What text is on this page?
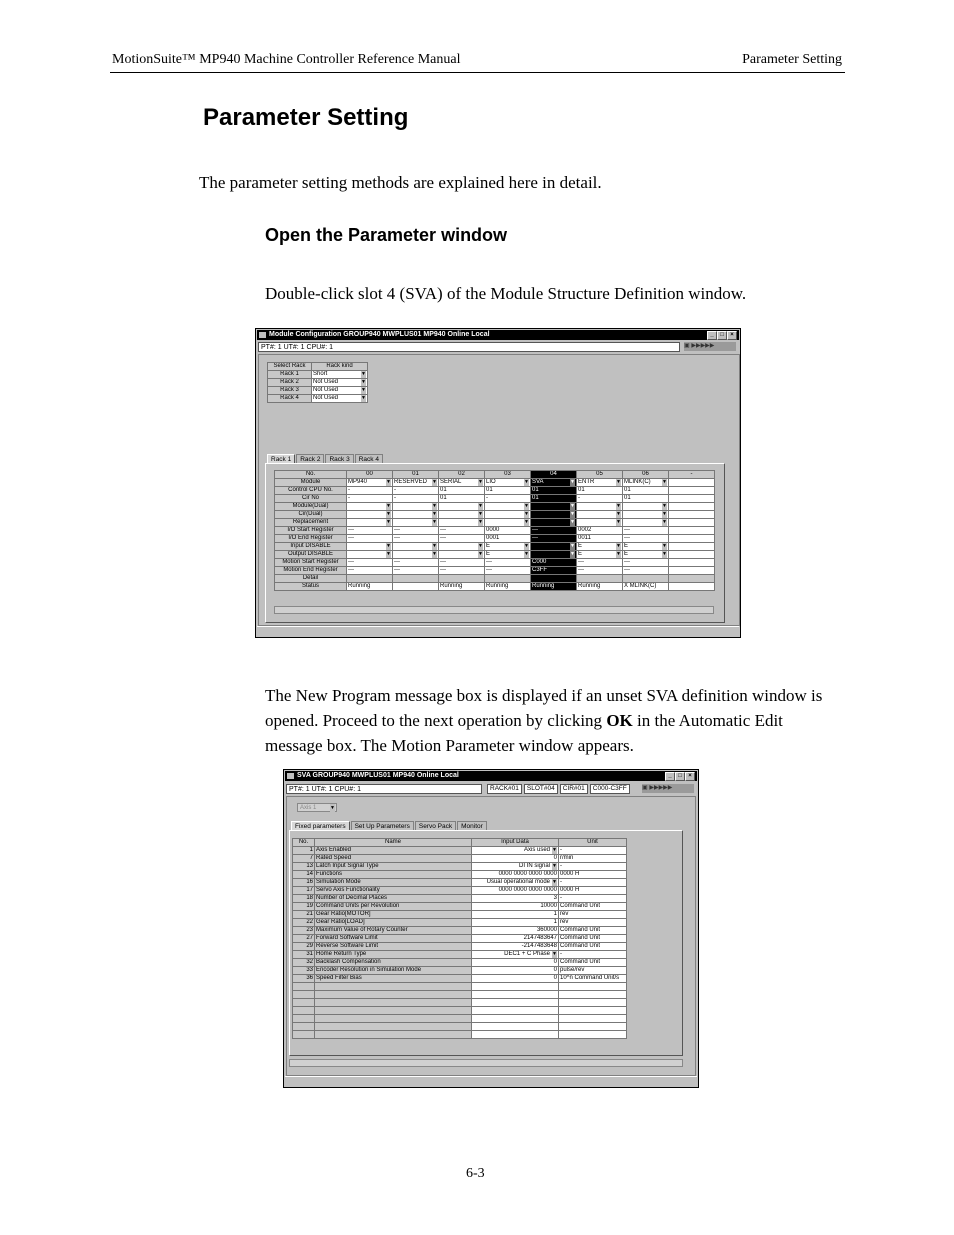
MotionSuite™ MP940 Machine Controller Reference Manual	Parameter Setting
Parameter Setting

The parameter setting methods are explained here in detail.

Open the Parameter window

Double-click slot 4 (SVA) of the Module Structure Definition window.

Module Configuration GROUP940 MWPLUS01 MP940 Online Local	_	□	×
PT#: 1 UT#: 1 CPU#: 1	▣ ▶▶▶▶▶
Select Rack	Rack kind
Rack 1	Short ▼
Rack 2	Not Used ▼
Rack 3	Not Used ▼
Rack 4	Not Used ▼
Rack 1	Rack 2	Rack 3	Rack 4
No.	00	01	02	03	04	05	06	-
Module	MP940 ▼	RESERVED ▼	SERIAL ▼	LIO ▼	SVA ▼	ENTR ▼	MLINK(C) ▼	
Control CPU No.	-	-	01	01	01	01	01	
Cir No	-	-	01	-	01	-	01	
Module(Dual)	▼	▼	▼	▼	▼	▼	▼	
Cir(Dual)	▼	▼	▼	▼	▼	▼	▼	
Replacement	▼	▼	▼	▼	▼	▼	▼	
I/O Start Register	---	---	---	0000	---	0002	---	
I/O End Register	---	---	---	0001	---	0011	---	
Input DISABLE	▼	▼	▼	E ▼	▼	E ▼	E ▼	
Output DISABLE	▼	▼	▼	E ▼	▼	E ▼	E ▼	
Motion Start Register	---	---	---	---	C000	---	---	
Motion End Register	---	---	---	---	C3FF	---	---	
Detail								
Status	Running		Running	Running	Running	Running	X MLINK(C)	

The New Program message box is displayed if an unset SVA definition window is opened. Proceed to the next operation by clicking OK in the Automatic Edit message box. The Motion Parameter window appears.

SVA GROUP940 MWPLUS01 MP940 Online Local	_	□	×
PT#: 1 UT#: 1 CPU#: 1	RACK#01	SLOT#04	CIR#01	C000-C3FF	▣ ▶▶▶▶▶
Axis 1 ▼
Fixed parameters	Set Up Parameters	Servo Pack	Monitor
No.	Name	Input Data	Unit
1	Axis Enabled	Axis used ▼	-
7	Rated Speed	0	r/min
13	Latch Input Signal Type	DI IN signal ▼	-
14	Functions	0000 0000 0000 0000	0000 H
16	Simulation Mode	Usual operational mode ▼	-
17	Servo Axis Functionality	0000 0000 0000 0000	0000 H
18	Number of Decimal Places	3	-
19	Command Units per Revolution	10000	Command Unit
21	Gear Ratio[MOTOR]	1	rev
22	Gear Ratio[LOAD]	1	rev
23	Maximum Value of Rotary Counter	360000	Command Unit
27	Forward Software Limit	2147483647	Command Unit
29	Reverse Software Limit	-2147483648	Command Unit
31	Home Return Type	DEC1 + C Phase ▼	-
32	Backlash Compensation	0	Command Unit
33	Encoder Resolution in Simulation Mode	0	pulse/rev
36	Speed Filter Bias	0	10^n Command Unit/s

6-3
